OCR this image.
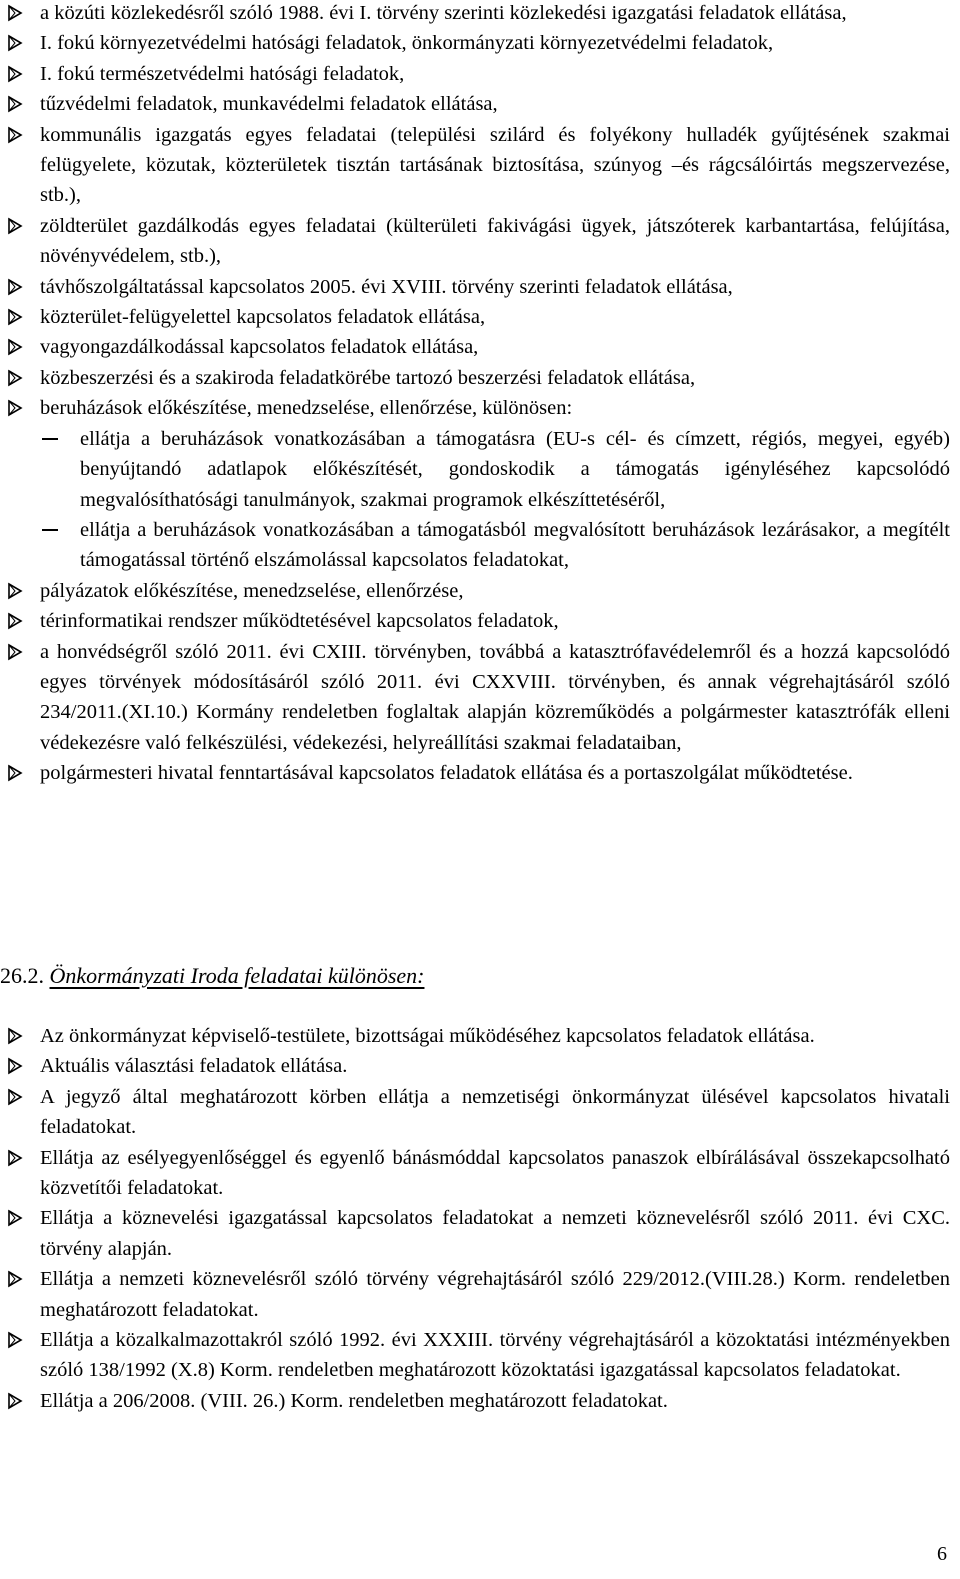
a közúti közlekedésről szóló 1988. évi I. törvény szerinti közlekedési igazgatási feladatok ellátása,
I. fokú környezetvédelmi hatósági feladatok, önkormányzati környezetvédelmi feladatok,
I. fokú természetvédelmi hatósági feladatok,
tűzvédelmi feladatok, munkavédelmi feladatok ellátása,
kommunális igazgatás egyes feladatai (települési szilárd és folyékony hulladék gyűjtésének szakmai felügyelete, közutak, közterületek tisztán tartásának biztosítása, szúnyog –és rágcsálóirtás megszervezése, stb.),
zöldterület gazdálkodás egyes feladatai (külterületi fakivágási ügyek, játszóterek karbantartása, felújítása, növényvédelem, stb.),
távhőszolgáltatással kapcsolatos 2005. évi XVIII. törvény szerinti feladatok ellátása,
közterület-felügyelettel kapcsolatos feladatok ellátása,
vagyongazdálkodással kapcsolatos feladatok ellátása,
közbeszerzési és a szakiroda feladatkörébe tartozó beszerzési feladatok ellátása,
beruházások előkészítése, menedzselése, ellenőrzése, különösen:
ellátja a beruházások vonatkozásában a támogatásra (EU-s cél- és címzett, régiós, megyei, egyéb) benyújtandó adatlapok előkészítését, gondoskodik a támogatás igényléséhez kapcsolódó megvalósíthatósági tanulmányok, szakmai programok elkészíttetéséről,
ellátja a beruházások vonatkozásában a támogatásból megvalósított beruházások lezárásakor, a megítélt támogatással történő elszámolással kapcsolatos feladatokat,
pályázatok előkészítése, menedzselése, ellenőrzése,
térinformatikai rendszer működtetésével kapcsolatos feladatok,
a honvédségről szóló 2011. évi CXIII. törvényben, továbbá a katasztrófavédelemről és a hozzá kapcsolódó egyes törvények módosításáról szóló 2011. évi CXXVIII. törvényben, és annak végrehajtásáról szóló 234/2011.(XI.10.) Kormány rendeletben foglaltak alapján közreműködés a polgármester katasztrófák elleni védekezésre való felkészülési, védekezési, helyreállítási szakmai feladataiban,
polgármesteri hivatal fenntartásával kapcsolatos feladatok ellátása és a portaszolgálat működtetése.
26.2. Önkormányzati Iroda feladatai különösen:
Az önkormányzat képviselő-testülete, bizottságai működéséhez kapcsolatos feladatok ellátása.
Aktuális választási feladatok ellátása.
A jegyző által meghatározott körben ellátja a nemzetiségi önkormányzat ülésével kapcsolatos hivatali feladatokat.
Ellátja az esélyegyenlőséggel és egyenlő bánásmóddal kapcsolatos panaszok elbírálásával összekapcsolható közvetítői feladatokat.
Ellátja a köznevelési igazgatással kapcsolatos feladatokat a nemzeti köznevelésről szóló 2011. évi CXC. törvény alapján.
Ellátja a nemzeti köznevelésről szóló törvény végrehajtásáról szóló 229/2012.(VIII.28.) Korm. rendeletben meghatározott feladatokat.
Ellátja a közalkalmazottakról szóló 1992. évi XXXIII. törvény végrehajtásáról a közoktatási intézményekben szóló 138/1992 (X.8) Korm. rendeletben meghatározott közoktatási igazgatással kapcsolatos feladatokat.
Ellátja a 206/2008. (VIII. 26.) Korm. rendeletben meghatározott feladatokat.
6
